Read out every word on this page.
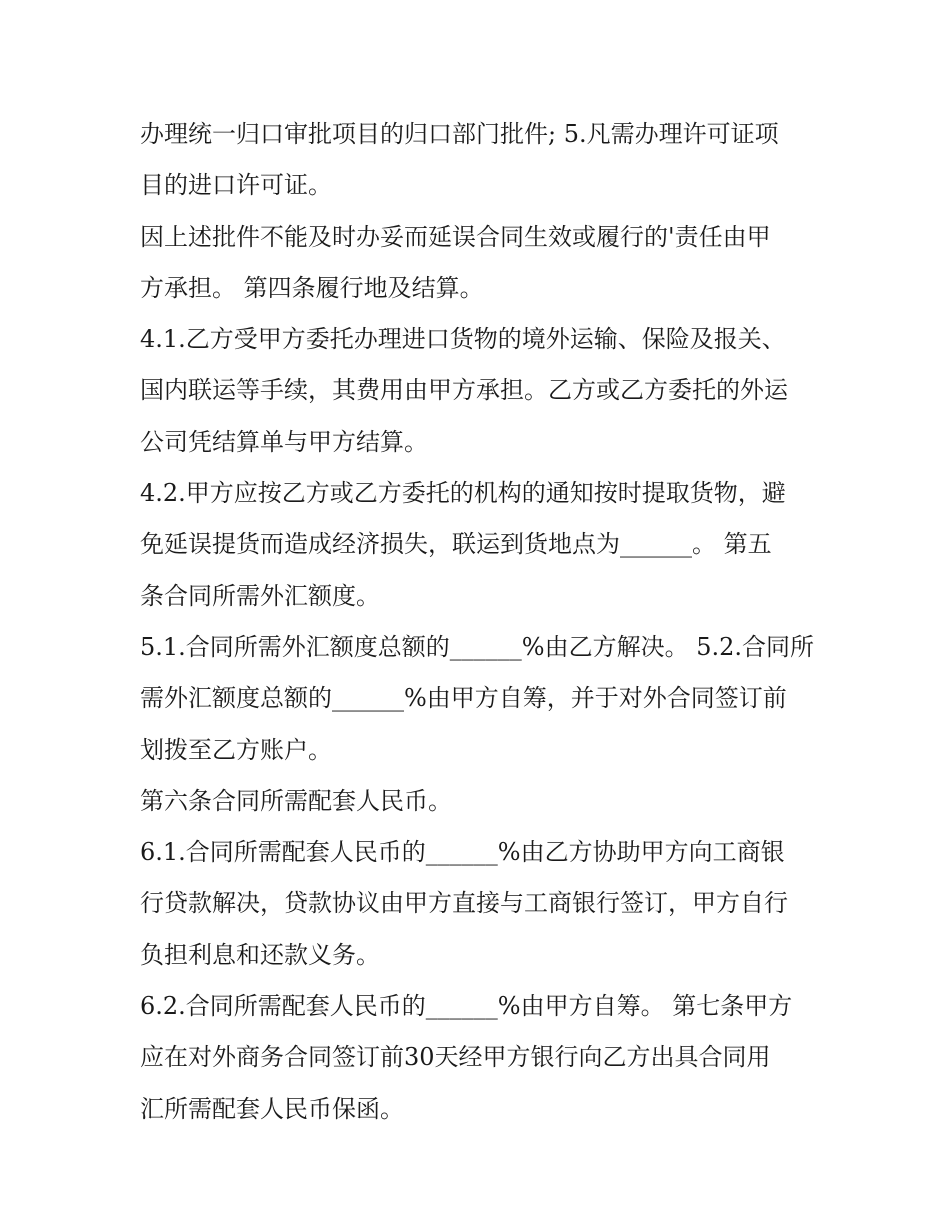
办理统一归口审批项目的归口部门批件; 5.凡需办理许可证项

目的进口许可证。

因上述批件不能及时办妥而延误合同生效或履行的'责任由甲

方承担。 第四条履行地及结算。

4.1.乙方受甲方委托办理进口货物的境外运输、保险及报关、

国内联运等手续，其费用由甲方承担。乙方或乙方委托的外运

公司凭结算单与甲方结算。

4.2.甲方应按乙方或乙方委托的机构的通知按时提取货物，避

免延误提货而造成经济损失，联运到货地点为______。 第五

条合同所需外汇额度。

5.1.合同所需外汇额度总额的______%由乙方解决。 5.2.合同所

需外汇额度总额的______%由甲方自筹，并于对外合同签订前

划拨至乙方账户。

第六条合同所需配套人民币。

6.1.合同所需配套人民币的______%由乙方协助甲方向工商银

行贷款解决，贷款协议由甲方直接与工商银行签订，甲方自行

负担利息和还款义务。

6.2.合同所需配套人民币的______%由甲方自筹。 第七条甲方

应在对外商务合同签订前30天经甲方银行向乙方出具合同用

汇所需配套人民币保函。
